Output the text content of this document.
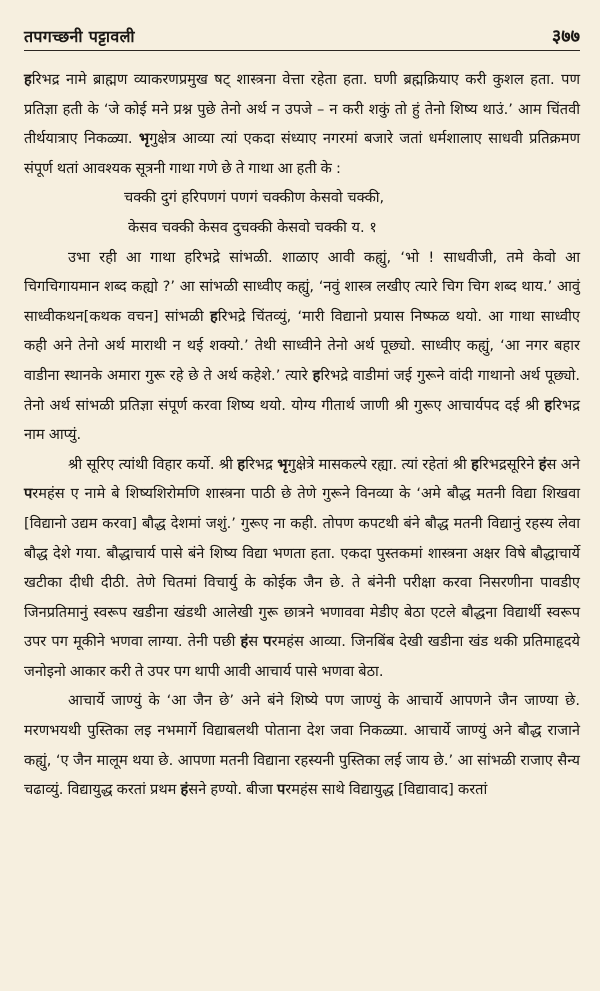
तपगच्छनी पट्टावली	३७७

हरिभद्र नामे ब्राह्मण व्याकरणप्रमुख षट् शास्त्रना वेत्ता रहेता हता. घणी ब्रह्मक्रियाए करी कुशल हता. पण प्रतिज्ञा हती के ‘जे कोई मने प्रश्न पुछे तेनो अर्थ न उपजे – न करी शकुं तो हुं तेनो शिष्य थाउं.’ आम चिंतवी तीर्थयात्राए निकळ्या. भृगुक्षेत्र आव्या त्यां एकदा संध्याए नगरमां बजारे जतां धर्मशालाए साधवी प्रतिक्रमण संपूर्ण थतां आवश्यक सूत्रनी गाथा गणे छे ते गाथा आ हती के :

चक्की दुगं हरिपणगं पणगं चक्कीण केसवो चक्की,
केसव चक्की केसव दुचक्की केसवो चक्की य. १

उभा रही आ गाथा हरिभद्रे सांभळी. शाळाए आवी कह्युं, ‘भो ! साधवीजी, तमे केवो आ चिगचिगायमान शब्द कह्यो ?’ आ सांभळी साध्वीए कह्युं, ‘नवुं शास्त्र लखीए त्यारे चिग चिग शब्द थाय.’ आवुं साध्वीकथन[कथक वचन] सांभळी हरिभद्रे चिंतव्युं, ‘मारी विद्यानो प्रयास निष्फळ थयो. आ गाथा साध्वीए कही अने तेनो अर्थ माराथी न थई शक्यो.’ तेथी साध्वीने तेनो अर्थ पूछ्यो. साध्वीए कह्युं, ‘आ नगर बहार वाडीना स्थानके अमारा गुरू रहे छे ते अर्थ कहेशे.’ त्यारे हरिभद्रे वाडीमां जई गुरूने वांदी गाथानो अर्थ पूछ्यो. तेनो अर्थ सांभळी प्रतिज्ञा संपूर्ण करवा शिष्य थयो. योग्य गीतार्थ जाणी श्री गुरूए आचार्यपद दई श्री हरिभद्र नाम आप्युं.

श्री सूरिए त्यांथी विहार कर्यो. श्री हरिभद्र भृगुक्षेत्रे मासकल्पे रह्या. त्यां रहेतां श्री हरिभद्रसूरिने हंस अने परमहंस ए नामे बे शिष्यशिरोमणि शास्त्रना पाठी छे तेणे गुरूने विनव्या के ‘अमे बौद्ध मतनी विद्या शिखवा [विद्यानो उद्यम करवा] बौद्ध देशमां जशुं.’ गुरूए ना कही. तोपण कपटथी बंने बौद्ध मतनी विद्यानुं रहस्य लेवा बौद्ध देशे गया. बौद्धाचार्य पासे बंने शिष्य विद्या भणता हता. एकदा पुस्तकमां शास्त्रना अक्षर विषे बौद्धाचार्ये खटीका दीधी दीठी. तेणे चितमां विचार्यु के कोईक जैन छे. ते बंनेनी परीक्षा करवा निसरणीना पावडीए जिनप्रतिमानुं स्वरूप खडीना खंडथी आलेखी गुरू छात्रने भणाववा मेडीए बेठा एटले बौद्धना विद्यार्थी स्वरूप उपर पग मूकीने भणवा लाग्या. तेनी पछी हंस परमहंस आव्या. जिनबिंब देखी खडीना खंड थकी प्रतिमाहृदये जनोइनो आकार करी ते उपर पग थापी आवी आचार्य पासे भणवा बेठा.

आचार्ये जाण्युं के ‘आ जैन छे’ अने बंने शिष्ये पण जाण्युं के आचार्ये आपणने जैन जाण्या छे. मरणभयथी पुस्तिका लइ नभमार्गे विद्याबलथी पोताना देश जवा निकळ्या. आचार्ये जाण्युं अने बौद्ध राजाने कह्युं, ‘ए जैन मालूम थया छे. आपणा मतनी विद्याना रहस्यनी पुस्तिका लई जाय छे.’ आ सांभळी राजाए सैन्य चढाव्युं. विद्यायुद्ध करतां प्रथम हंसने हण्यो. बीजा परमहंस साथे विद्यायुद्ध [विद्यावाद] करतां
